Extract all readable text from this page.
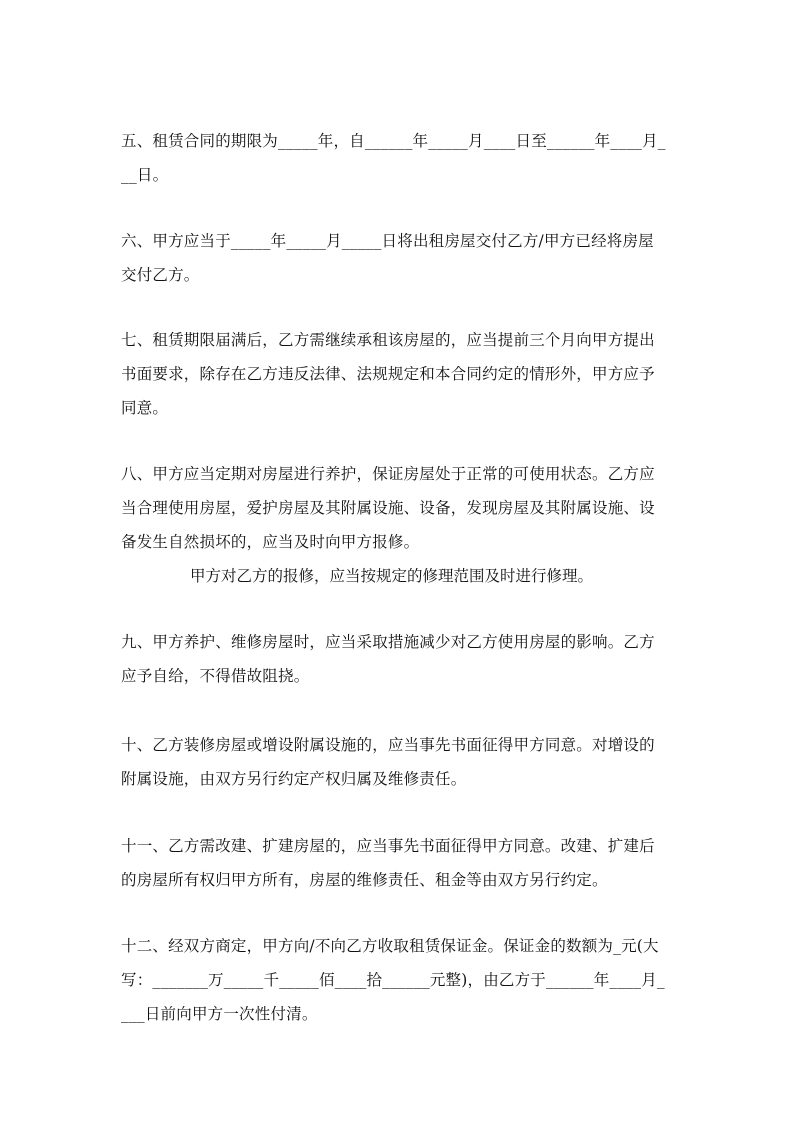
五、租赁合同的期限为_____年，自______年_____月____日至______年____月_
__日。
六、甲方应当于_____年_____月_____日将出租房屋交付乙方/甲方已经将房屋
交付乙方。
七、租赁期限届满后，乙方需继续承租该房屋的，应当提前三个月向甲方提出
书面要求，除存在乙方违反法律、法规规定和本合同约定的情形外，甲方应予
同意。
八、甲方应当定期对房屋进行养护，保证房屋处于正常的可使用状态。乙方应
当合理使用房屋，爱护房屋及其附属设施、设备，发现房屋及其附属设施、设
备发生自然损坏的，应当及时向甲方报修。
甲方对乙方的报修，应当按规定的修理范围及时进行修理。
九、甲方养护、维修房屋时，应当采取措施减少对乙方使用房屋的影响。乙方
应予自给，不得借故阻挠。
十、乙方装修房屋或增设附属设施的，应当事先书面征得甲方同意。对增设的
附属设施，由双方另行约定产权归属及维修责任。
十一、乙方需改建、扩建房屋的，应当事先书面征得甲方同意。改建、扩建后
的房屋所有权归甲方所有，房屋的维修责任、租金等由双方另行约定。
十二、经双方商定，甲方向/不向乙方收取租赁保证金。保证金的数额为_元(大
写：_______万_____千_____佰____拾______元整)，由乙方于______年____月_
___日前向甲方一次性付清。
